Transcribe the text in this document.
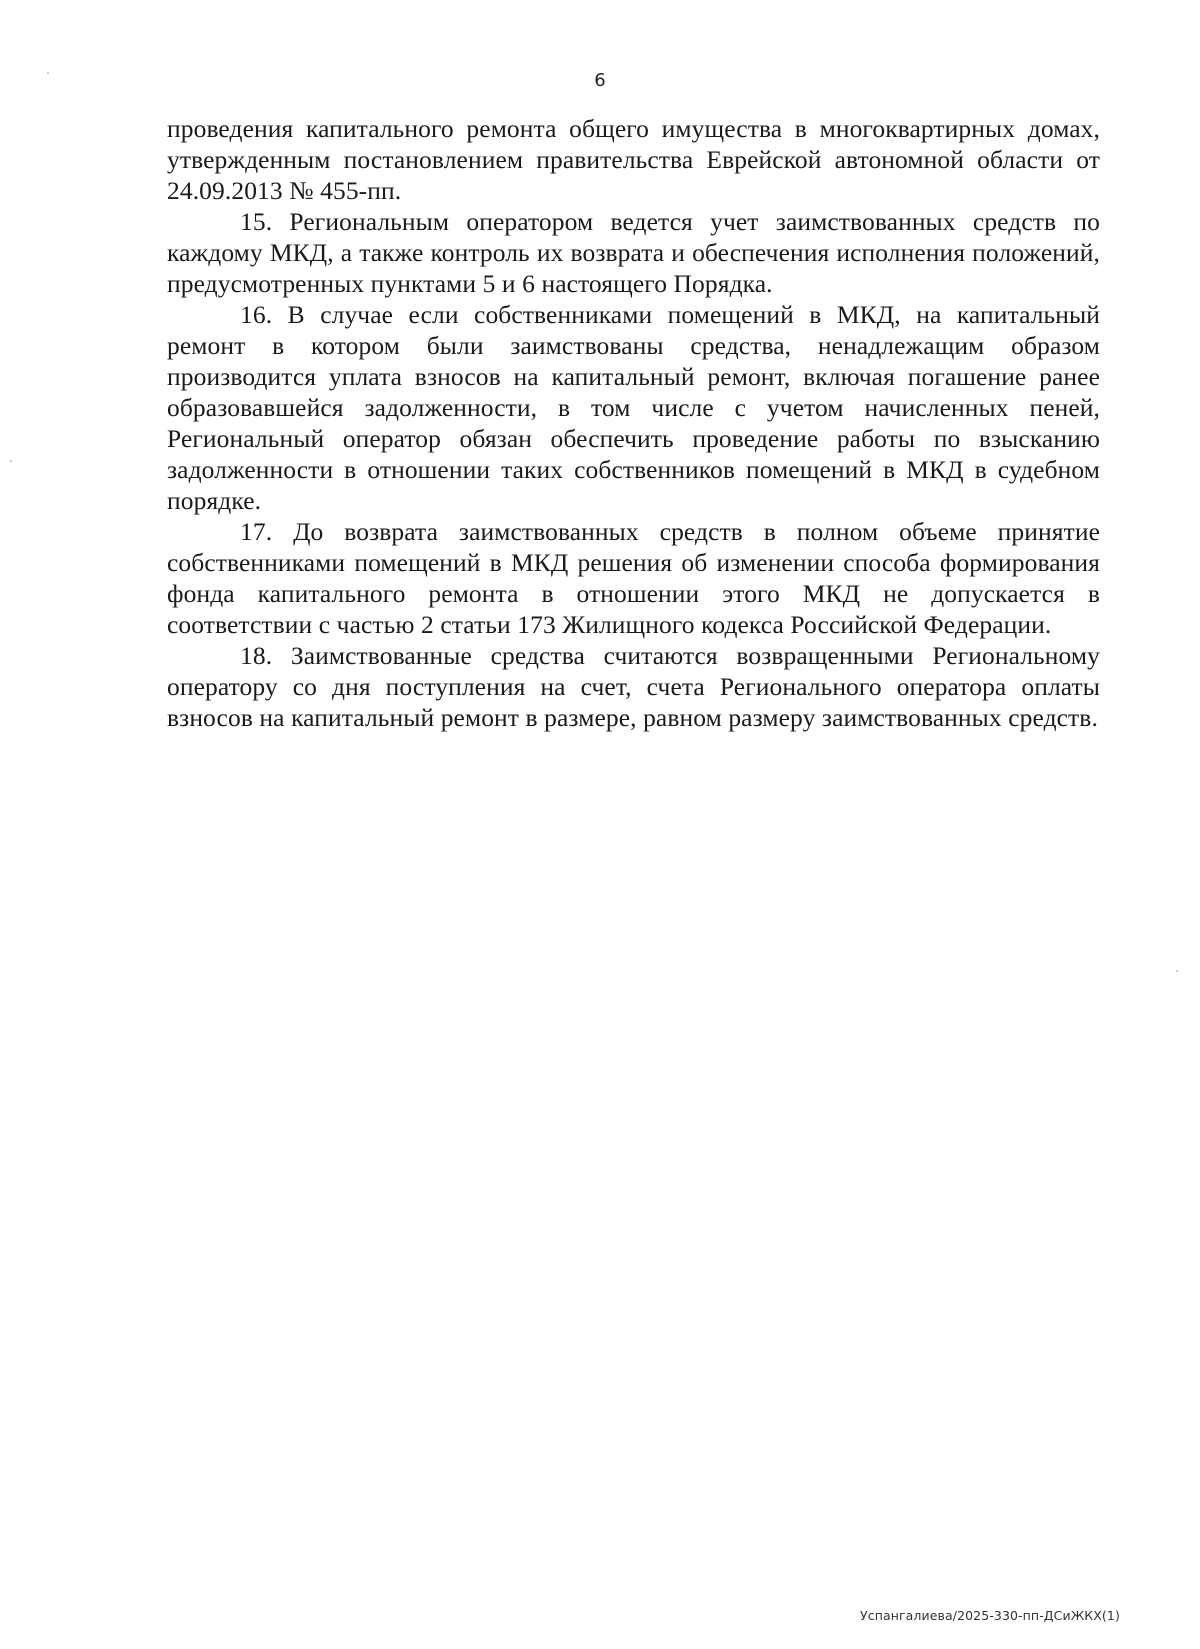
6

проведения капитального ремонта общего имущества в многоквартирных домах, утвержденным постановлением правительства Еврейской автономной области от 24.09.2013 № 455-пп.

15. Региональным оператором ведется учет заимствованных средств по каждому МКД, а также контроль их возврата и обеспечения исполнения положений, предусмотренных пунктами 5 и 6 настоящего Порядка.

16. В случае если собственниками помещений в МКД, на капитальный ремонт в котором были заимствованы средства, ненадлежащим образом производится уплата взносов на капитальный ремонт, включая погашение ранее образовавшейся задолженности, в том числе с учетом начисленных пеней, Региональный оператор обязан обеспечить проведение работы по взысканию задолженности в отношении таких собственников помещений в МКД в судебном порядке.

17. До возврата заимствованных средств в полном объеме принятие собственниками помещений в МКД решения об изменении способа формирования фонда капитального ремонта в отношении этого МКД не допускается в соответствии с частью 2 статьи 173 Жилищного кодекса Российской Федерации.

18. Заимствованные средства считаются возвращенными Региональному оператору со дня поступления на счет, счета Регионального оператора оплаты взносов на капитальный ремонт в размере, равном размеру заимствованных средств.

Успангалиева/2025-330-пп-ДСиЖКХ(1)
